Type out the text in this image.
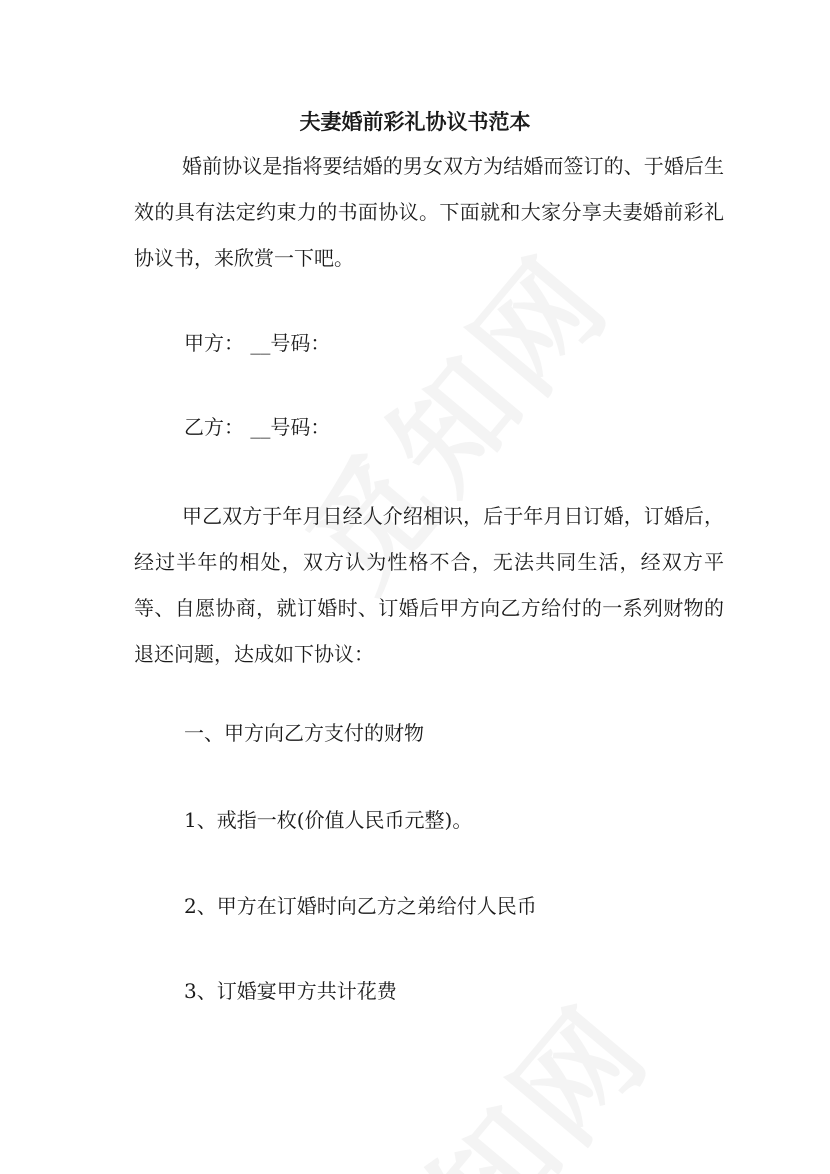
夫妻婚前彩礼协议书范本

婚前协议是指将要结婚的男女双方为结婚而签订的、于婚后生效的具有法定约束力的书面协议。下面就和大家分享夫妻婚前彩礼协议书，来欣赏一下吧。

甲方： __号码：

乙方： __号码：

甲乙双方于年月日经人介绍相识，后于年月日订婚，订婚后，经过半年的相处，双方认为性格不合，无法共同生活，经双方平等、自愿协商，就订婚时、订婚后甲方向乙方给付的一系列财物的退还问题，达成如下协议：

一、甲方向乙方支付的财物

1、戒指一枚(价值人民币元整)。

2、甲方在订婚时向乙方之弟给付人民币

3、订婚宴甲方共计花费
